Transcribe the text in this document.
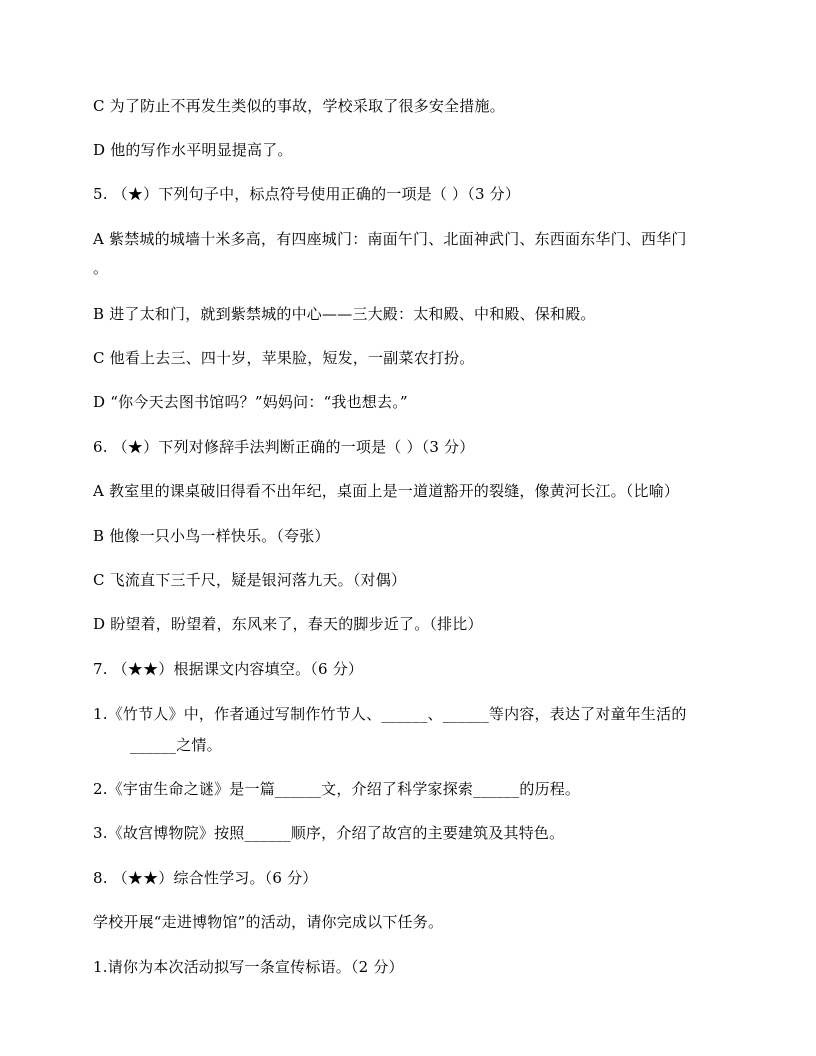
C 为了防止不再发生类似的事故，学校采取了很多安全措施。
D 他的写作水平明显提高了。
5. （★）下列句子中，标点符号使用正确的一项是（ ）（3 分）
A 紫禁城的城墙十米多高，有四座城门：南面午门、北面神武门、东西面东华门、西华门
。
B 进了太和门，就到紫禁城的中心——三大殿：太和殿、中和殿、保和殿。
C 他看上去三、四十岁，苹果脸，短发，一副菜农打扮。
D “你今天去图书馆吗？”妈妈问：“我也想去。”
6. （★）下列对修辞手法判断正确的一项是（ ）（3 分）
A 教室里的课桌破旧得看不出年纪，桌面上是一道道豁开的裂缝，像黄河长江。（比喻）
B 他像一只小鸟一样快乐。（夸张）
C 飞流直下三千尺，疑是银河落九天。（对偶）
D 盼望着，盼望着，东风来了，春天的脚步近了。（排比）
7. （★★）根据课文内容填空。（6 分）
1.《竹节人》中，作者通过写制作竹节人、______、______等内容，表达了对童年生活的
______之情。
2.《宇宙生命之谜》是一篇______文，介绍了科学家探索______的历程。
3.《故宫博物院》按照______顺序，介绍了故宫的主要建筑及其特色。
8. （★★）综合性学习。（6 分）
学校开展“走进博物馆”的活动，请你完成以下任务。
1.请你为本次活动拟写一条宣传标语。（2 分）
